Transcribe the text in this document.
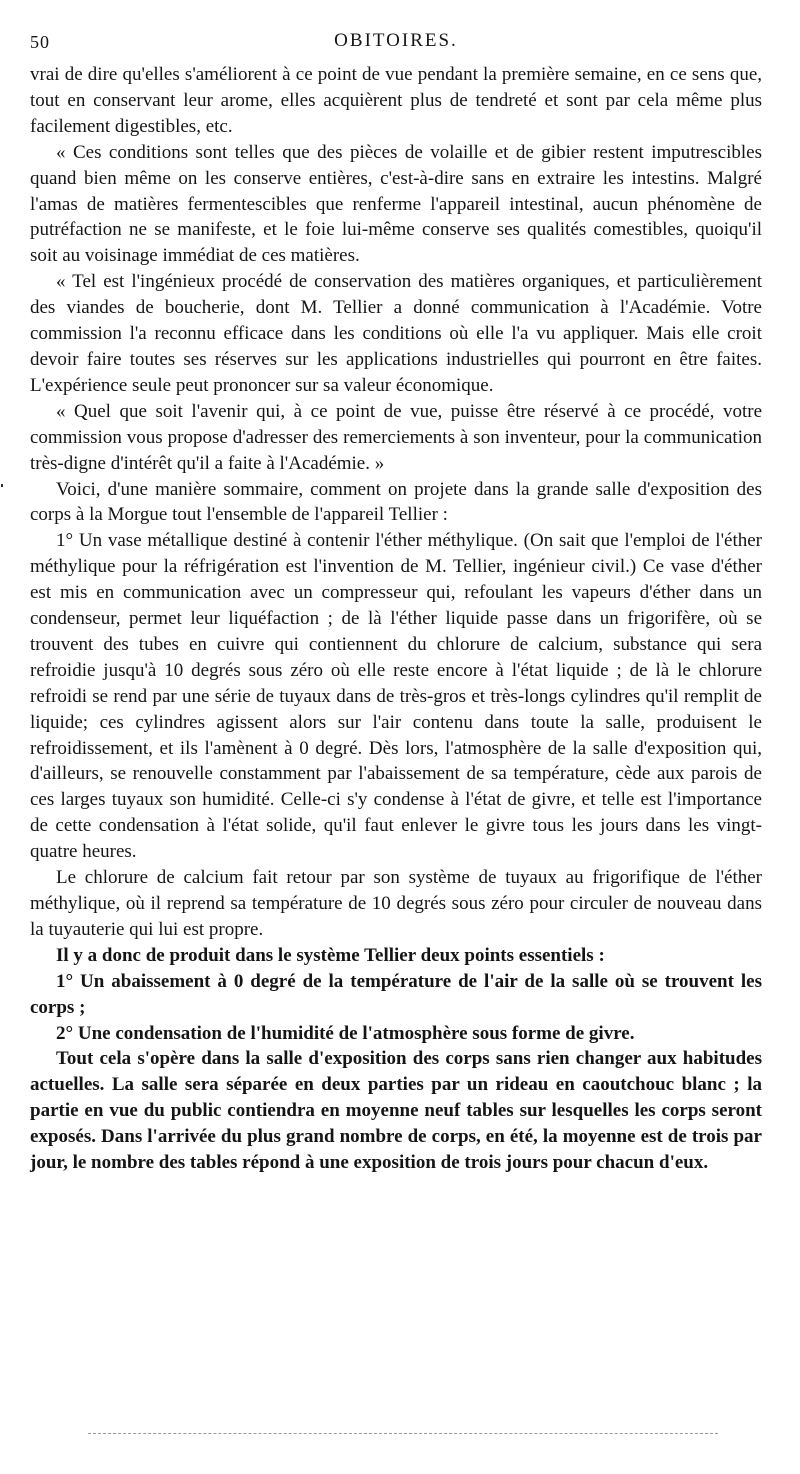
50	OBITOIRES.

vrai de dire qu'elles s'améliorent à ce point de vue pendant la première semaine, en ce sens que, tout en conservant leur arome, elles acquièrent plus de tendreté et sont par cela même plus facilement digestibles, etc.

« Ces conditions sont telles que des pièces de volaille et de gibier restent imputrescibles quand bien même on les conserve entières, c'est-à-dire sans en extraire les intestins. Malgré l'amas de matières fermentescibles que renferme l'appareil intestinal, aucun phénomène de putréfaction ne se manifeste, et le foie lui-même conserve ses qualités comestibles, quoiqu'il soit au voisinage immédiat de ces matières.

« Tel est l'ingénieux procédé de conservation des matières organiques, et particulièrement des viandes de boucherie, dont M. Tellier a donné communication à l'Académie. Votre commission l'a reconnu efficace dans les conditions où elle l'a vu appliquer. Mais elle croit devoir faire toutes ses réserves sur les applications industrielles qui pourront en être faites. L'expérience seule peut prononcer sur sa valeur économique.

« Quel que soit l'avenir qui, à ce point de vue, puisse être réservé à ce procédé, votre commission vous propose d'adresser des remerciements à son inventeur, pour la communication très-digne d'intérêt qu'il a faite à l'Académie. »

Voici, d'une manière sommaire, comment on projete dans la grande salle d'exposition des corps à la Morgue tout l'ensemble de l'appareil Tellier :

1° Un vase métallique destiné à contenir l'éther méthylique. (On sait que l'emploi de l'éther méthylique pour la réfrigération est l'invention de M. Tellier, ingénieur civil.) Ce vase d'éther est mis en communication avec un compresseur qui, refoulant les vapeurs d'éther dans un condenseur, permet leur liquéfaction ; de là l'éther liquide passe dans un frigorifère, où se trouvent des tubes en cuivre qui contiennent du chlorure de calcium, substance qui sera refroidie jusqu'à 10 degrés sous zéro où elle reste encore à l'état liquide ; de là le chlorure refroidi se rend par une série de tuyaux dans de très-gros et très-longs cylindres qu'il remplit de liquide; ces cylindres agissent alors sur l'air contenu dans toute la salle, produisent le refroidissement, et ils l'amènent à 0 degré. Dès lors, l'atmosphère de la salle d'exposition qui, d'ailleurs, se renouvelle constamment par l'abaissement de sa température, cède aux parois de ces larges tuyaux son humidité. Celle-ci s'y condense à l'état de givre, et telle est l'importance de cette condensation à l'état solide, qu'il faut enlever le givre tous les jours dans les vingt-quatre heures.

Le chlorure de calcium fait retour par son système de tuyaux au frigorifique de l'éther méthylique, où il reprend sa température de 10 degrés sous zéro pour circuler de nouveau dans la tuyauterie qui lui est propre.

Il y a donc de produit dans le système Tellier deux points essentiels :

1° Un abaissement à 0 degré de la température de l'air de la salle où se trouvent les corps ;

2° Une condensation de l'humidité de l'atmosphère sous forme de givre.

Tout cela s'opère dans la salle d'exposition des corps sans rien changer aux habitudes actuelles. La salle sera séparée en deux parties par un rideau en caoutchouc blanc ; la partie en vue du public contiendra en moyenne neuf tables sur lesquelles les corps seront exposés. Dans l'arrivée du plus grand nombre de corps, en été, la moyenne est de trois par jour, le nombre des tables répond à une exposition de trois jours pour chacun d'eux.
